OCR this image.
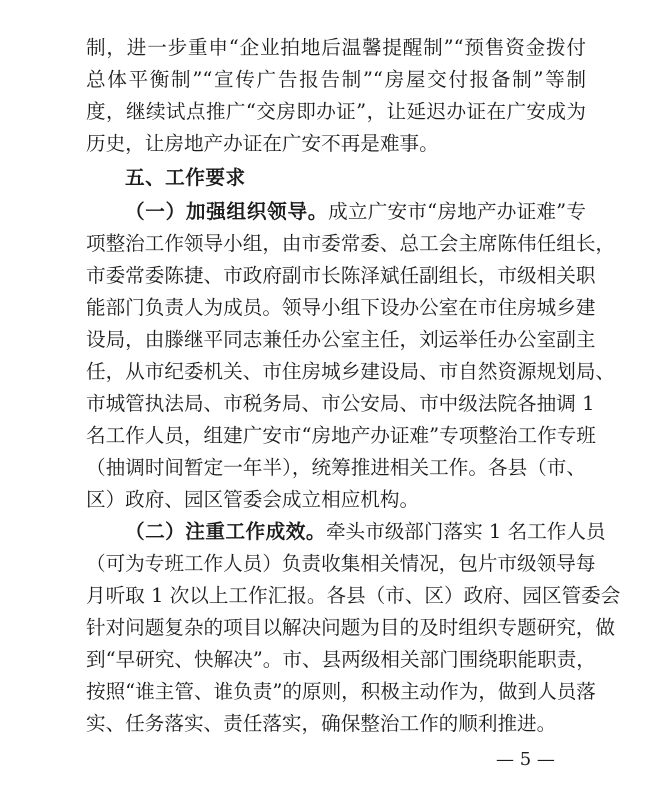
制，进一步重申“企业拍地后温馨提醒制”“预售资金拨付
总体平衡制”“宣传广告报告制”“房屋交付报备制”等制
度，继续试点推广“交房即办证”，让延迟办证在广安成为
历史，让房地产办证在广安不再是难事。
五、工作要求
（一）加强组织领导。成立广安市“房地产办证难”专
项整治工作领导小组，由市委常委、总工会主席陈伟任组长，
市委常委陈捷、市政府副市长陈泽斌任副组长，市级相关职
能部门负责人为成员。领导小组下设办公室在市住房城乡建
设局，由滕继平同志兼任办公室主任，刘运举任办公室副主
任，从市纪委机关、市住房城乡建设局、市自然资源规划局、
市城管执法局、市税务局、市公安局、市中级法院各抽调 1
名工作人员，组建广安市“房地产办证难”专项整治工作专班
（抽调时间暂定一年半），统筹推进相关工作。各县（市、
区）政府、园区管委会成立相应机构。
（二）注重工作成效。牵头市级部门落实 1 名工作人员
（可为专班工作人员）负责收集相关情况，包片市级领导每
月听取 1 次以上工作汇报。各县（市、区）政府、园区管委会
针对问题复杂的项目以解决问题为目的及时组织专题研究，做
到“早研究、快解决”。市、县两级相关部门围绕职能职责，
按照“谁主管、谁负责”的原则，积极主动作为，做到人员落
实、任务落实、责任落实，确保整治工作的顺利推进。
— 5 —
